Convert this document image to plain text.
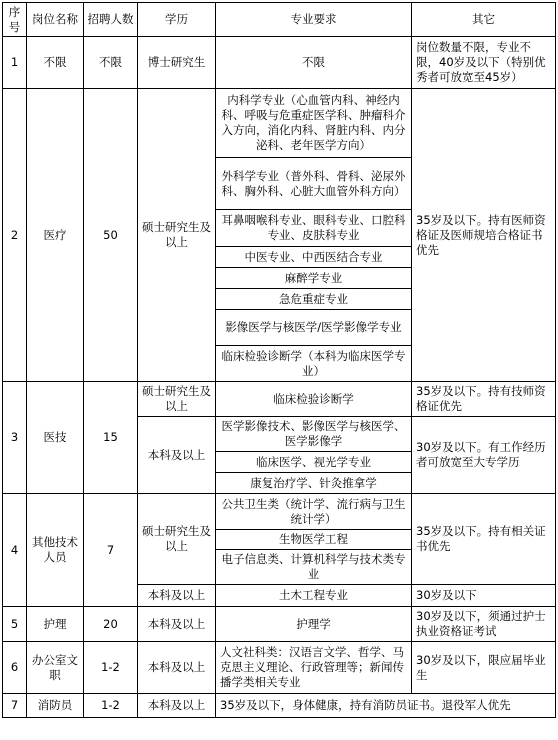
序号	岗位名称	招聘人数	学历	专业要求	其它
1	不限	不限	博士研究生	不限	岗位数量不限，专业不限，40岁及以下（特别优秀者可放宽至45岁）
2	医疗	50	硕士研究生及以上	内科学专业（心血管内科、神经内科、呼吸与危重症医学科、肿瘤科介入方向，消化内科、肾脏内科、内分泌科、老年医学方向）	35岁及以下。持有医师资格证及医师规培合格证书优先
				外科学专业（普外科、骨科、泌尿外科、胸外科、心脏大血管外科方向）	
				耳鼻咽喉科专业、眼科专业、口腔科专业、皮肤科专业	
				中医专业、中西医结合专业	
				麻醉学专业	
				急危重症专业	
				影像医学与核医学/医学影像学专业	
				临床检验诊断学（本科为临床医学专业）	
3	医技	15	硕士研究生及以上	临床检验诊断学	35岁及以下。持有技师资格证优先
			本科及以上	医学影像技术、影像医学与核医学、医学影像学	30岁及以下。有工作经历者可放宽至大专学历
				临床医学、视光学专业	
				康复治疗学、针灸推拿学	
4	其他技术人员	7	硕士研究生及以上	公共卫生类（统计学、流行病与卫生统计学）	35岁及以下。持有相关证书优先
				生物医学工程	
				电子信息类、计算机科学与技术类专业	
			本科及以上	土木工程专业	30岁及以下
5	护理	20	本科及以上	护理学	30岁及以下，须通过护士执业资格证考试
6	办公室文职	1-2	本科及以上	人文社科类：汉语言文学、哲学、马克思主义理论、行政管理等；新闻传播学类相关专业	30岁及以下，限应届毕业生
7	消防员	1-2	本科及以上	35岁及以下，身体健康，持有消防员证书。退役军人优先	
